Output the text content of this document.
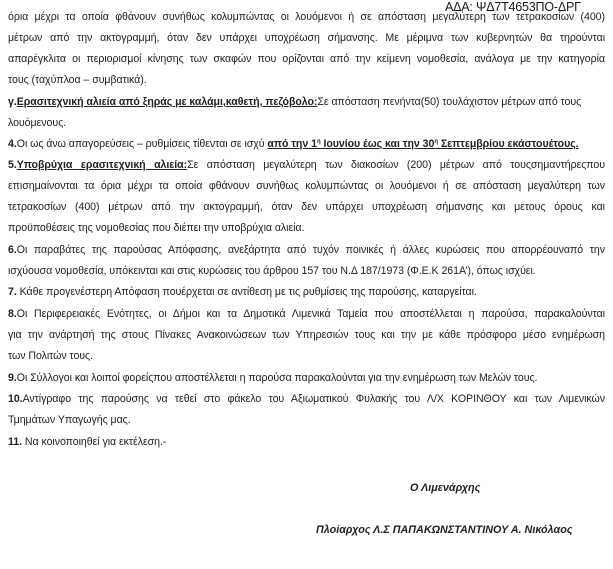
ΑΔΑ: ΨΔ7Τ4653ΠΟ-ΔΡΓ
όρια μέχρι τα οποία φθάνουν συνήθως κολυμπώντας οι λουόμενοι ή σε απόσταση μεγαλύτερη των τετρακοσίων (400)
μέτρων από την ακτογραμμή, όταν δεν υπάρχει υποχρέωση σήμανσης. Με μέριμνα των κυβερνητών θα τηρούνται
απαρέγκλιτα οι περιορισμοί κίνησης των σκαφών που ορίζονται από την κείμενη νομοθεσία, ανάλογα με την κατηγορία
τους (ταχύπλοα – συμβατικά).
γ.Ερασιτεχνική αλιεία από ξηράς με καλάμι,καθετή, πεζόβολο:Σε απόσταση πενήντα(50) τουλάχιστον μέτρων από τους
λουόμενους.
4.Οι ως άνω απαγορεύσεις – ρυθμίσεις τίθενται σε ισχύ από την $1^\eta$ Ιουνίου έως και την $30^\eta$ Σεπτεμβρίου εκάστουέτους.
5.Υποβρύχια ερασιτεχνική αλιεία:Σε απόσταση μεγαλύτερη των διακοσίων (200) μέτρων από τουςσημαντήρεςπου
επισημαίνονται τα όρια μέχρι τα οποία φθάνουν συνήθως κολυμπώντας οι λουόμενοι ή σε απόσταση μεγαλύτερη των
τετρακοσίων (400) μέτρων από την ακτογραμμή, όταν δεν υπάρχει υποχρέωση σήμανσης και μετους όρους και
προϋποθέσεις της νομοθεσίας που διέπει την υποβρύχια αλιεία.
6.Οι παραβάτες της παρούσας Απόφασης, ανεξάρτητα από τυχόν ποινικές ή άλλες κυρώσεις που απορρέουναπό την
ισχύουσα νομοθεσία, υπόκεινται και στις κυρώσεις του άρθρου 157 του Ν.Δ 187/1973 (Φ.Ε.Κ 261Α’), όπως ισχύει.
7. Κάθε προγενέστερη Απόφαση πουέρχεται σε αντίθεση με τις ρυθμίσεις της παρούσης, καταργείται.
8.Οι Περιφερειακές Ενότητες, οι Δήμοι και τα Δημοτικά Λιμενικά Ταμεία που αποστέλλεται η παρούσα, παρακαλούνται
για την ανάρτησή της στους Πίνακες Ανακοινώσεων των Υπηρεσιών τους και την με κάθε πρόσφορο μέσο ενημέρωση
των Πολιτών τους.
9.Οι Σύλλογοι και λοιποί φορείςπου αποστέλλεται η παρούσα παρακαλούνται για την ενημέρωση των Μελών τους.
10.Αντίγραφο της παρούσης να τεθεί στο φάκελο του Αξιωματικού Φυλακής του Λ/Χ ΚΟΡΙΝΘΟΥ και των Λιμενικών
Τμημάτων Υπαγωγής μας.
11. Να κοινοποιηθεί για εκτέλεση.-
Ο Λιμενάρχης
Πλοίαρχος Λ.Σ ΠΑΠΑΚΩΝΣΤΑΝΤΙΝΟΥ Α. Νικόλαος
